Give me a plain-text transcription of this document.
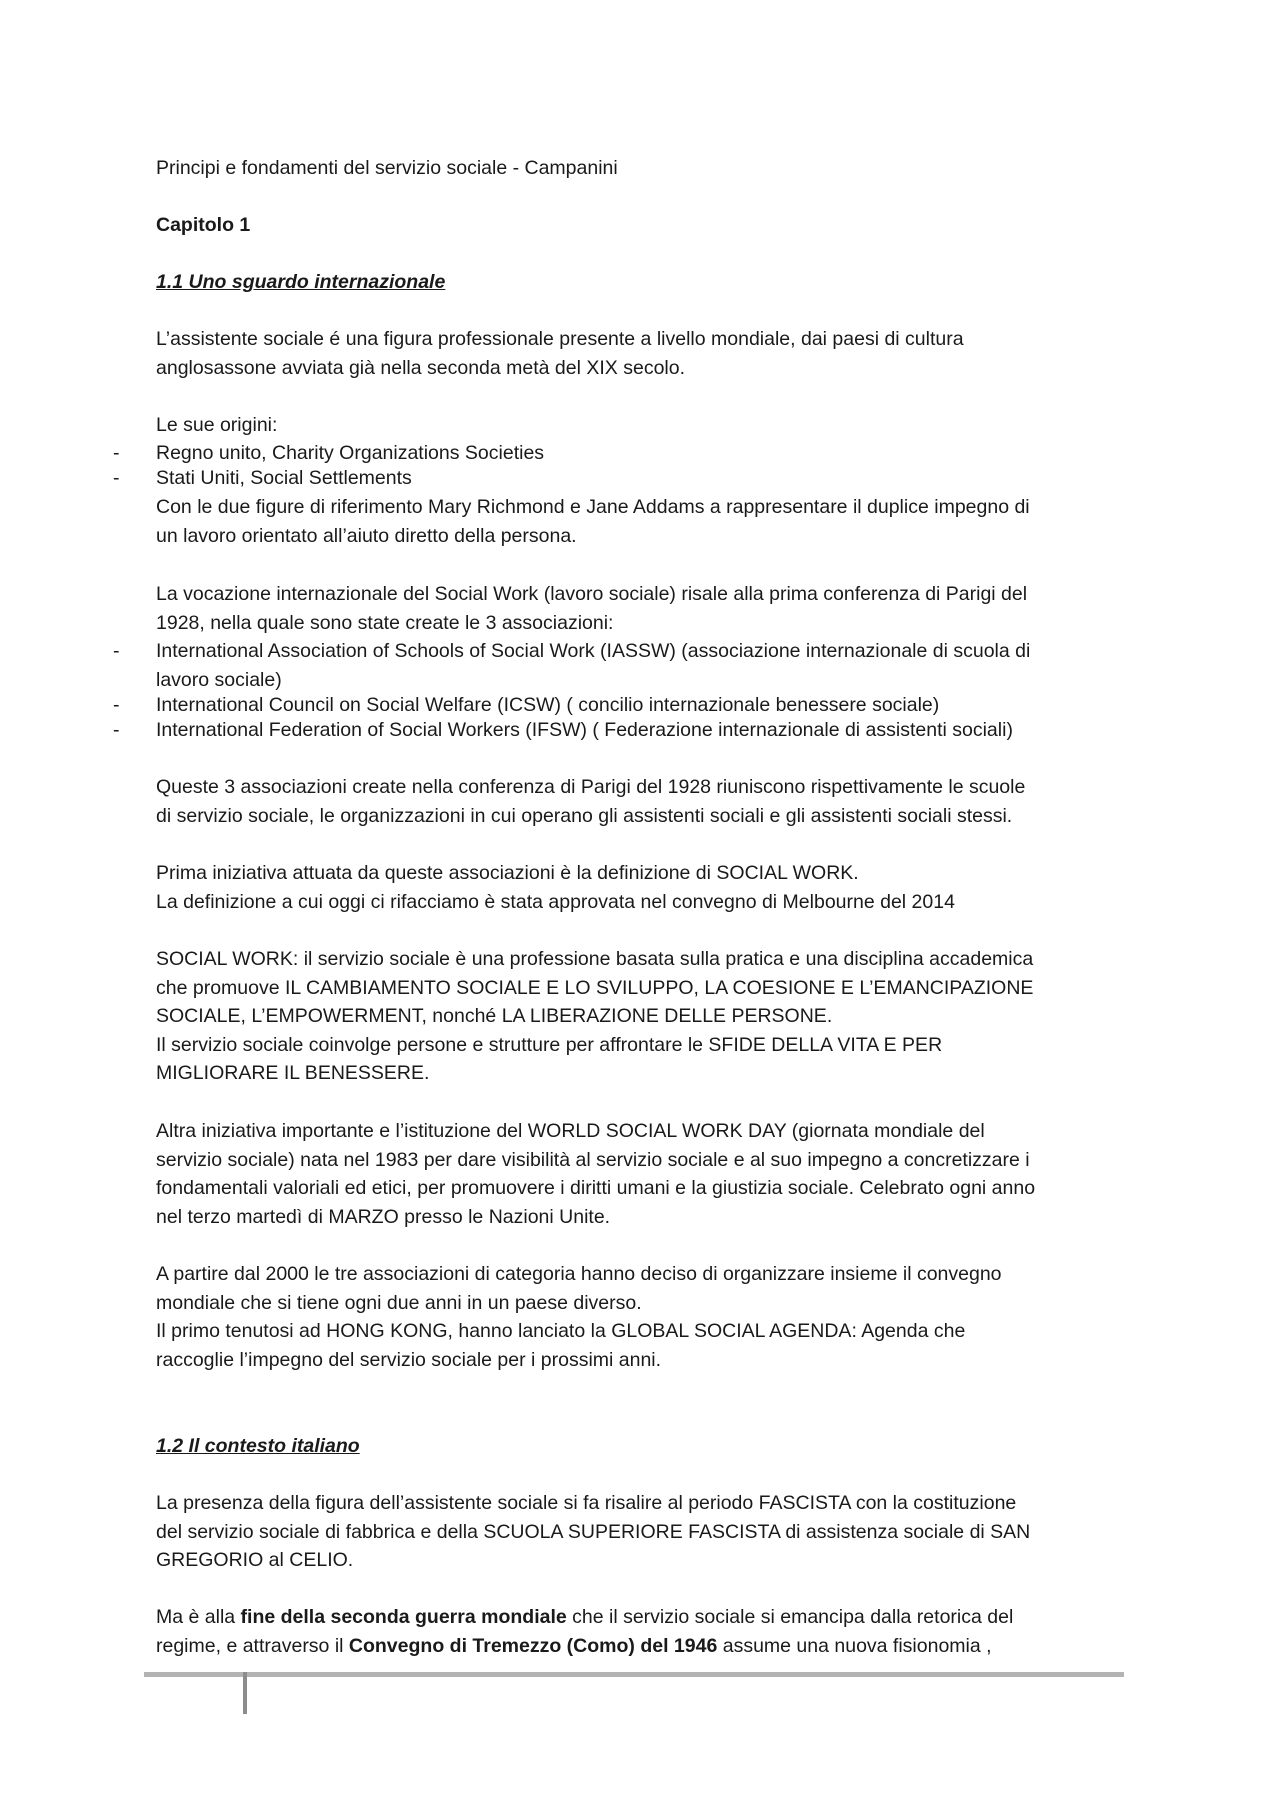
Principi e fondamenti del servizio sociale - Campanini
Capitolo 1
1.1 Uno sguardo internazionale
L’assistente sociale é una figura professionale presente a livello mondiale, dai paesi di cultura
anglosassone avviata già nella seconda metà del XIX secolo.
Le sue origini:
- Regno unito, Charity Organizations Societies
- Stati Uniti, Social Settlements
Con le due figure di riferimento Mary Richmond e Jane Addams a rappresentare il duplice impegno di
un lavoro orientato all’aiuto diretto della persona.
La vocazione internazionale del Social Work (lavoro sociale) risale alla prima conferenza di Parigi del
1928, nella quale sono state create le 3 associazioni:
- International Association of Schools of Social Work (IASSW) (associazione internazionale di scuola di
lavoro sociale)
- International Council on Social Welfare (ICSW) ( concilio internazionale benessere sociale)
- International Federation of Social Workers (IFSW) ( Federazione internazionale di assistenti sociali)
Queste 3 associazioni create nella conferenza di Parigi del 1928 riuniscono rispettivamente le scuole
di servizio sociale, le organizzazioni in cui operano gli assistenti sociali e gli assistenti sociali stessi.
Prima iniziativa attuata da queste associazioni è la definizione di SOCIAL WORK.
La definizione a cui oggi ci rifacciamo è stata approvata nel convegno di Melbourne del 2014
SOCIAL WORK: il servizio sociale è una professione basata sulla pratica e una disciplina accademica
che promuove IL CAMBIAMENTO SOCIALE E LO SVILUPPO, LA COESIONE E L’EMANCIPAZIONE
SOCIALE, L’EMPOWERMENT, nonché LA LIBERAZIONE DELLE PERSONE.
Il servizio sociale coinvolge persone e strutture per affrontare le SFIDE DELLA VITA E PER
MIGLIORARE IL BENESSERE.
Altra iniziativa importante e l’istituzione del WORLD SOCIAL WORK DAY (giornata mondiale del
servizio sociale) nata nel 1983 per dare visibilità al servizio sociale e al suo impegno a concretizzare i
fondamentali valoriali ed etici, per promuovere i diritti umani e la giustizia sociale. Celebrato ogni anno
nel terzo martedì di MARZO presso le Nazioni Unite.
A partire dal 2000 le tre associazioni di categoria hanno deciso di organizzare insieme il convegno
mondiale che si tiene ogni due anni in un paese diverso.
Il primo tenutosi ad HONG KONG, hanno lanciato la GLOBAL SOCIAL AGENDA: Agenda che
raccoglie l’impegno del servizio sociale per i prossimi anni.
1.2 Il contesto italiano
La presenza della figura dell’assistente sociale si fa risalire al periodo FASCISTA con la costituzione
del servizio sociale di fabbrica e della SCUOLA SUPERIORE FASCISTA di assistenza sociale di SAN
GREGORIO al CELIO.
Ma è alla fine della seconda guerra mondiale che il servizio sociale si emancipa dalla retorica del
regime, e attraverso il Convegno di Tremezzo (Como) del 1946 assume una nuova fisionomia ,
